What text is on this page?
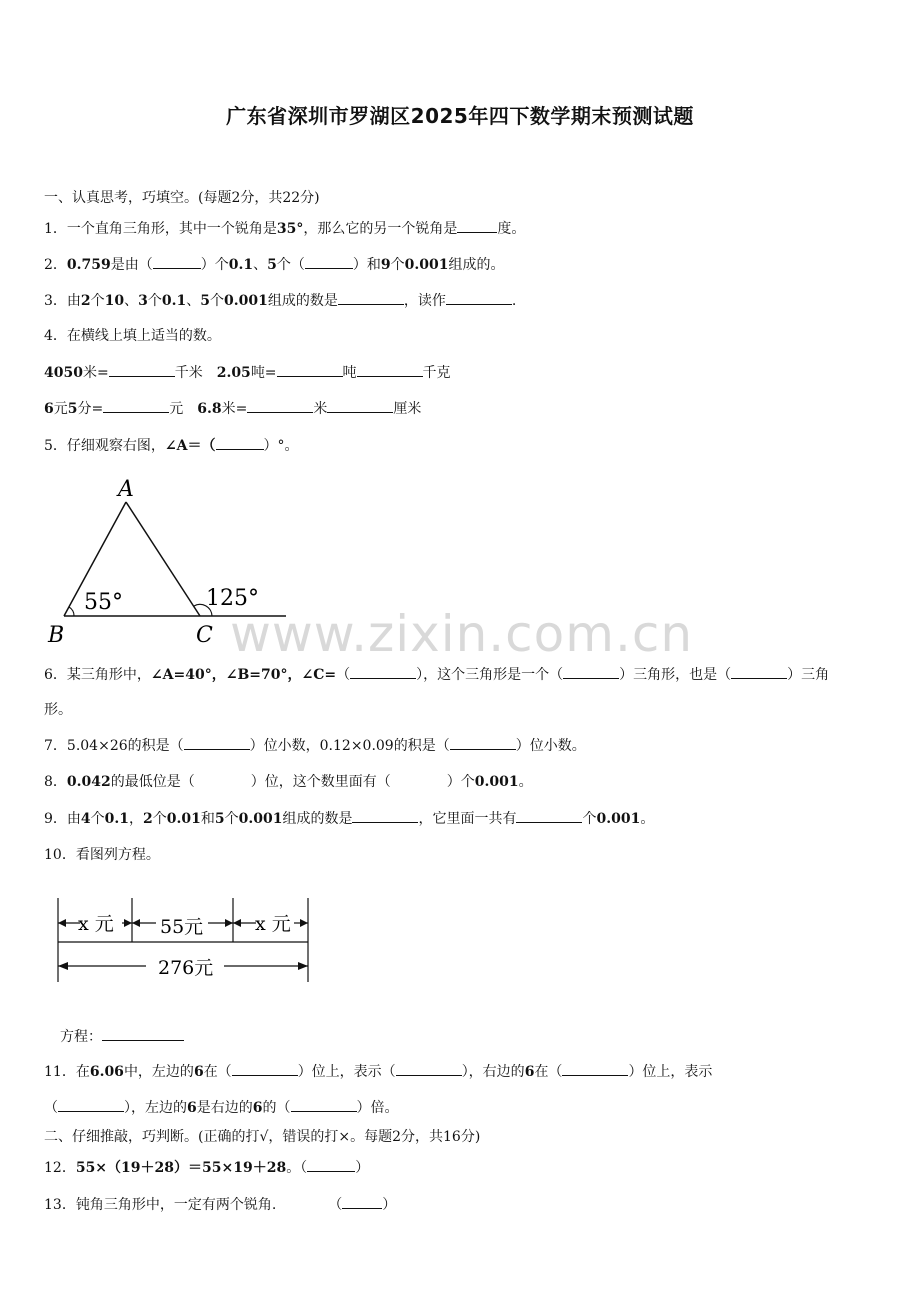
广东省深圳市罗湖区2025年四下数学期末预测试题
www.zixin.com.cn
一、认真思考，巧填空。(每题2分，共22分)
1．一个直角三角形，其中一个锐角是35°，那么它的另一个锐角是	度。
2．0.759是由（	）个0.1、5个（	）和9个0.001组成的。
3．由2个10、3个0.1、5个0.001组成的数是	，读作	.
4．在横线上填上适当的数。
4050米=	千米 2.05吨=	吨	千克
6元5分=	元 6.8米=	米	厘米
5．仔细观察右图，∠A＝（	）°。
A
B	C
55°	125°
6．某三角形中，∠A=40°，∠B=70°，∠C=（	），这个三角形是一个（	）三角形，也是（	）三角
形。
7．5.04×26的积是（	）位小数，0.12×0.09的积是（	）位小数。
8．0.042的最低位是（	）位，这个数里面有（	）个0.001。
9．由4个0.1，2个0.01和5个0.001组成的数是	，它里面一共有	个0.001。
10．看图列方程。
x 元 55元	x 元
276元
方程：
11．在6.06中，左边的6在（	）位上，表示（	），右边的6在（	）位上，表示
（	），左边的6是右边的6的（	）倍。
二、仔细推敲，巧判断。(正确的打√，错误的打×。每题2分，共16分)
12．55×（19＋28）＝55×19＋28。（	）
13．钝角三角形中，一定有两个锐角.	（	）
